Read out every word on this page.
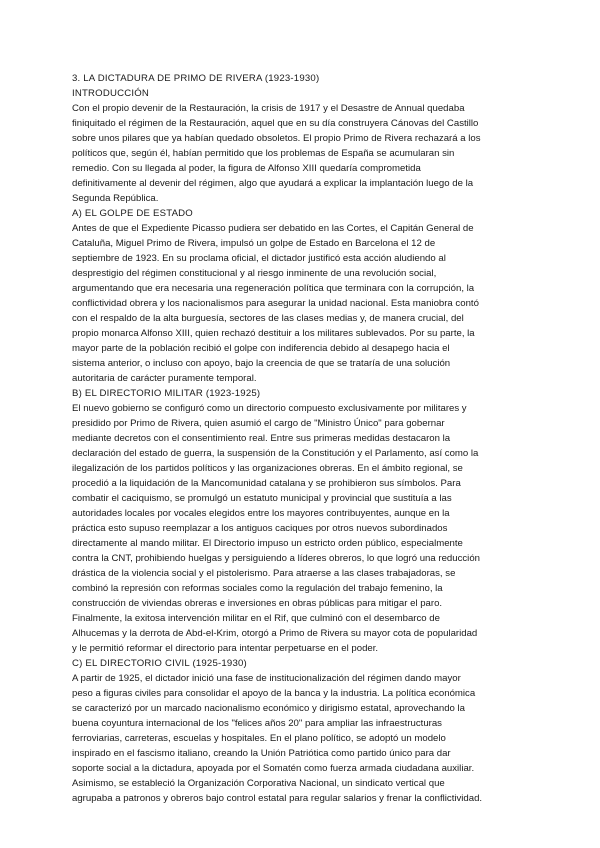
3. LA DICTADURA DE PRIMO DE RIVERA (1923-1930)
INTRODUCCIÓN
Con el propio devenir de la Restauración, la crisis de 1917 y el Desastre de Annual quedaba
finiquitado el régimen de la Restauración, aquel que en su día construyera Cánovas del Castillo
sobre unos pilares que ya habían quedado obsoletos. El propio Primo de Rivera rechazará a los
políticos que, según él, habían permitido que los problemas de España se acumularan sin
remedio. Con su llegada al poder, la figura de Alfonso XIII quedaría comprometida
definitivamente al devenir del régimen, algo que ayudará a explicar la implantación luego de la
Segunda República.
A) EL GOLPE DE ESTADO
Antes de que el Expediente Picasso pudiera ser debatido en las Cortes, el Capitán General de
Cataluña, Miguel Primo de Rivera, impulsó un golpe de Estado en Barcelona el 12 de
septiembre de 1923. En su proclama oficial, el dictador justificó esta acción aludiendo al
desprestigio del régimen constitucional y al riesgo inminente de una revolución social,
argumentando que era necesaria una regeneración política que terminara con la corrupción, la
conflictividad obrera y los nacionalismos para asegurar la unidad nacional. Esta maniobra contó
con el respaldo de la alta burguesía, sectores de las clases medias y, de manera crucial, del
propio monarca Alfonso XIII, quien rechazó destituir a los militares sublevados. Por su parte, la
mayor parte de la población recibió el golpe con indiferencia debido al desapego hacia el
sistema anterior, o incluso con apoyo, bajo la creencia de que se trataría de una solución
autoritaria de carácter puramente temporal.
B) EL DIRECTORIO MILITAR (1923-1925)
El nuevo gobierno se configuró como un directorio compuesto exclusivamente por militares y
presidido por Primo de Rivera, quien asumió el cargo de "Ministro Único" para gobernar
mediante decretos con el consentimiento real. Entre sus primeras medidas destacaron la
declaración del estado de guerra, la suspensión de la Constitución y el Parlamento, así como la
ilegalización de los partidos políticos y las organizaciones obreras. En el ámbito regional, se
procedió a la liquidación de la Mancomunidad catalana y se prohibieron sus símbolos. Para
combatir el caciquismo, se promulgó un estatuto municipal y provincial que sustituía a las
autoridades locales por vocales elegidos entre los mayores contribuyentes, aunque en la
práctica esto supuso reemplazar a los antiguos caciques por otros nuevos subordinados
directamente al mando militar. El Directorio impuso un estricto orden público, especialmente
contra la CNT, prohibiendo huelgas y persiguiendo a líderes obreros, lo que logró una reducción
drástica de la violencia social y el pistolerismo. Para atraerse a las clases trabajadoras, se
combinó la represión con reformas sociales como la regulación del trabajo femenino, la
construcción de viviendas obreras e inversiones en obras públicas para mitigar el paro.
Finalmente, la exitosa intervención militar en el Rif, que culminó con el desembarco de
Alhucemas y la derrota de Abd-el-Krim, otorgó a Primo de Rivera su mayor cota de popularidad
y le permitió reformar el directorio para intentar perpetuarse en el poder.
C) EL DIRECTORIO CIVIL (1925-1930)
A partir de 1925, el dictador inició una fase de institucionalización del régimen dando mayor
peso a figuras civiles para consolidar el apoyo de la banca y la industria. La política económica
se caracterizó por un marcado nacionalismo económico y dirigismo estatal, aprovechando la
buena coyuntura internacional de los "felices años 20" para ampliar las infraestructuras
ferroviarias, carreteras, escuelas y hospitales. En el plano político, se adoptó un modelo
inspirado en el fascismo italiano, creando la Unión Patriótica como partido único para dar
soporte social a la dictadura, apoyada por el Somatén como fuerza armada ciudadana auxiliar.
Asimismo, se estableció la Organización Corporativa Nacional, un sindicato vertical que
agrupaba a patronos y obreros bajo control estatal para regular salarios y frenar la conflictividad.
